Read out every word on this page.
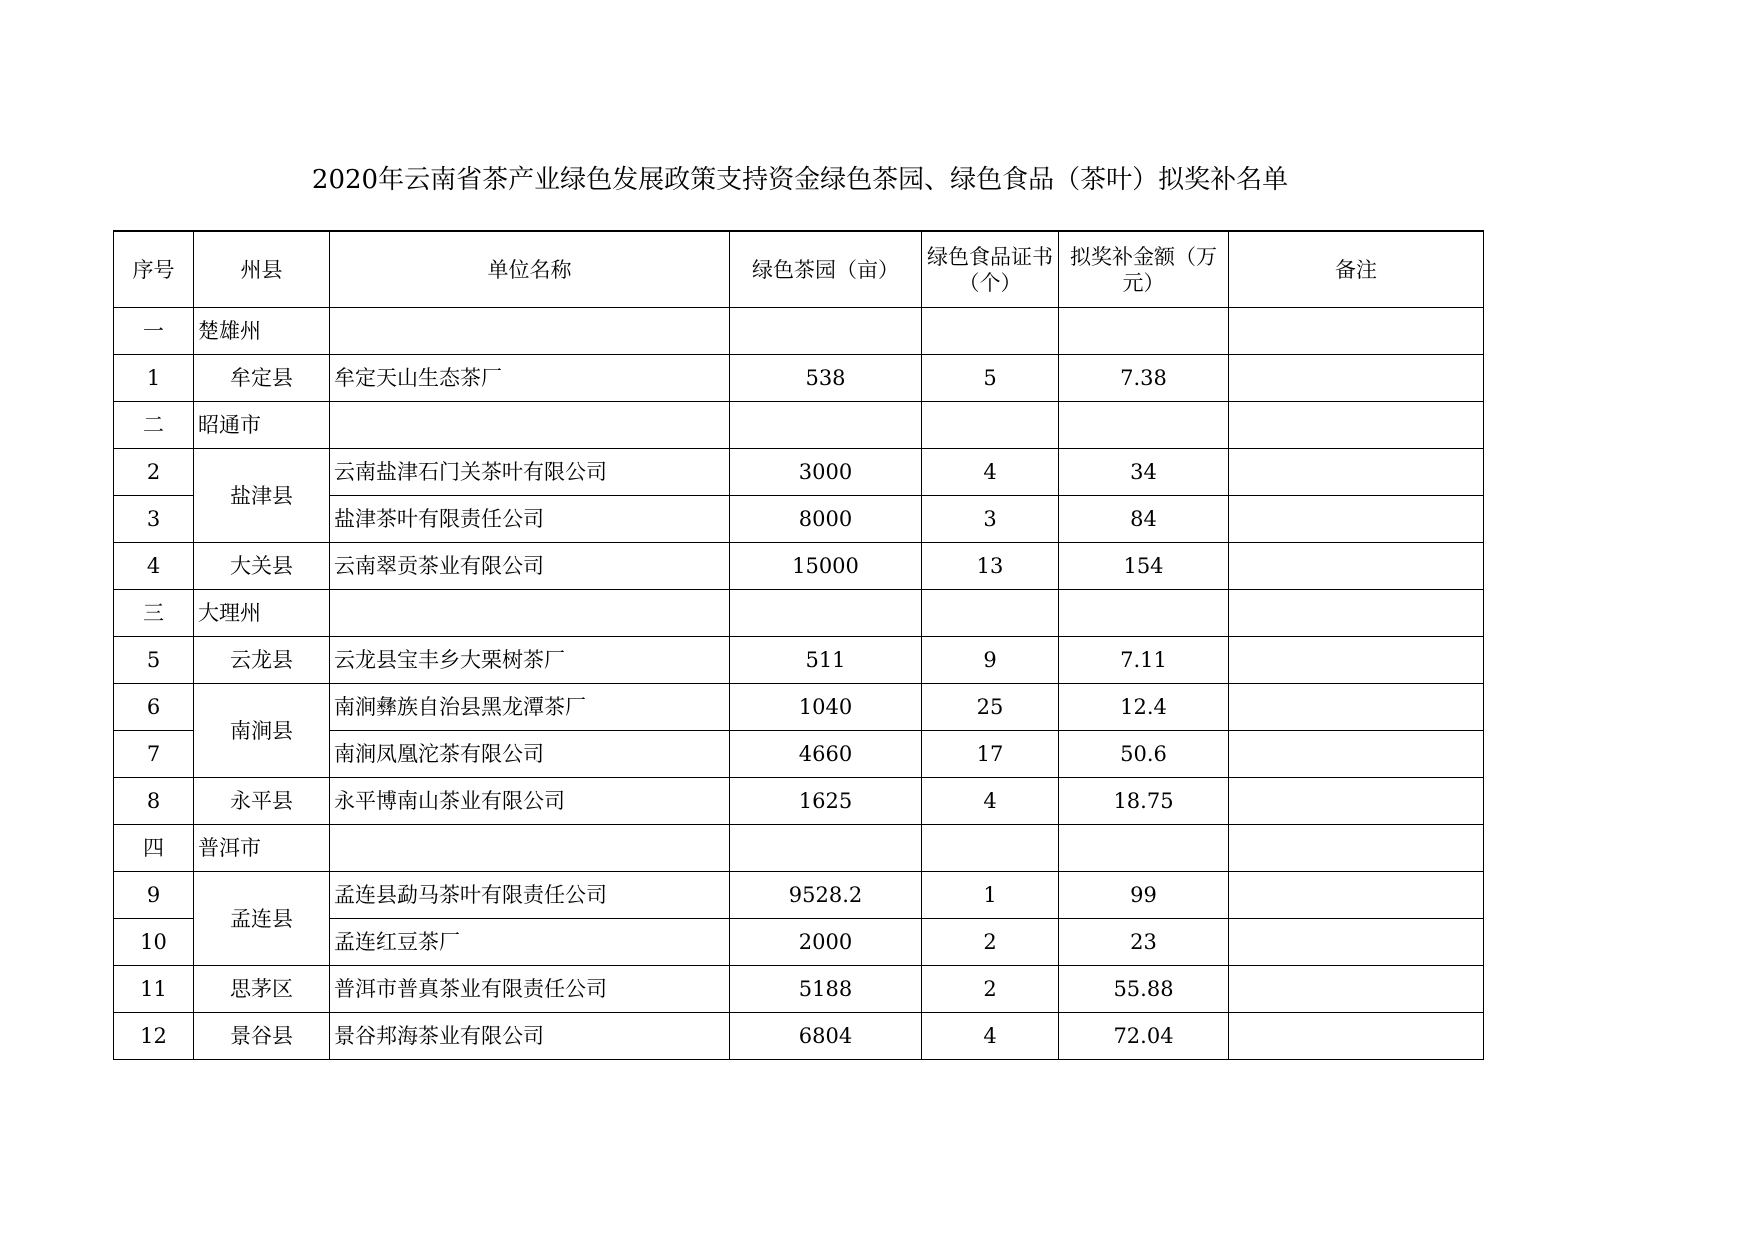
2020年云南省茶产业绿色发展政策支持资金绿色茶园、绿色食品（茶叶）拟奖补名单
序号	州县	单位名称	绿色茶园（亩）	绿色食品证书（个）	拟奖补金额（万元）	备注
一	楚雄州					
1	牟定县	牟定天山生态茶厂	538	5	7.38	
二	昭通市					
2	盐津县	云南盐津石门关茶叶有限公司	3000	4	34	
3		盐津茶叶有限责任公司	8000	3	84	
4	大关县	云南翠贡茶业有限公司	15000	13	154	
三	大理州					
5	云龙县	云龙县宝丰乡大栗树茶厂	511	9	7.11	
6	南涧县	南涧彝族自治县黑龙潭茶厂	1040	25	12.4	
7		南涧凤凰沱茶有限公司	4660	17	50.6	
8	永平县	永平博南山茶业有限公司	1625	4	18.75	
四	普洱市					
9	孟连县	孟连县勐马茶叶有限责任公司	9528.2	1	99	
10		孟连红豆茶厂	2000	2	23	
11	思茅区	普洱市普真茶业有限责任公司	5188	2	55.88	
12	景谷县	景谷邦海茶业有限公司	6804	4	72.04	
